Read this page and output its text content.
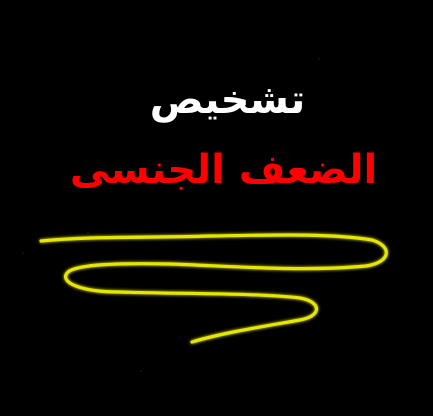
تشخيص
الضعف الجنسى
